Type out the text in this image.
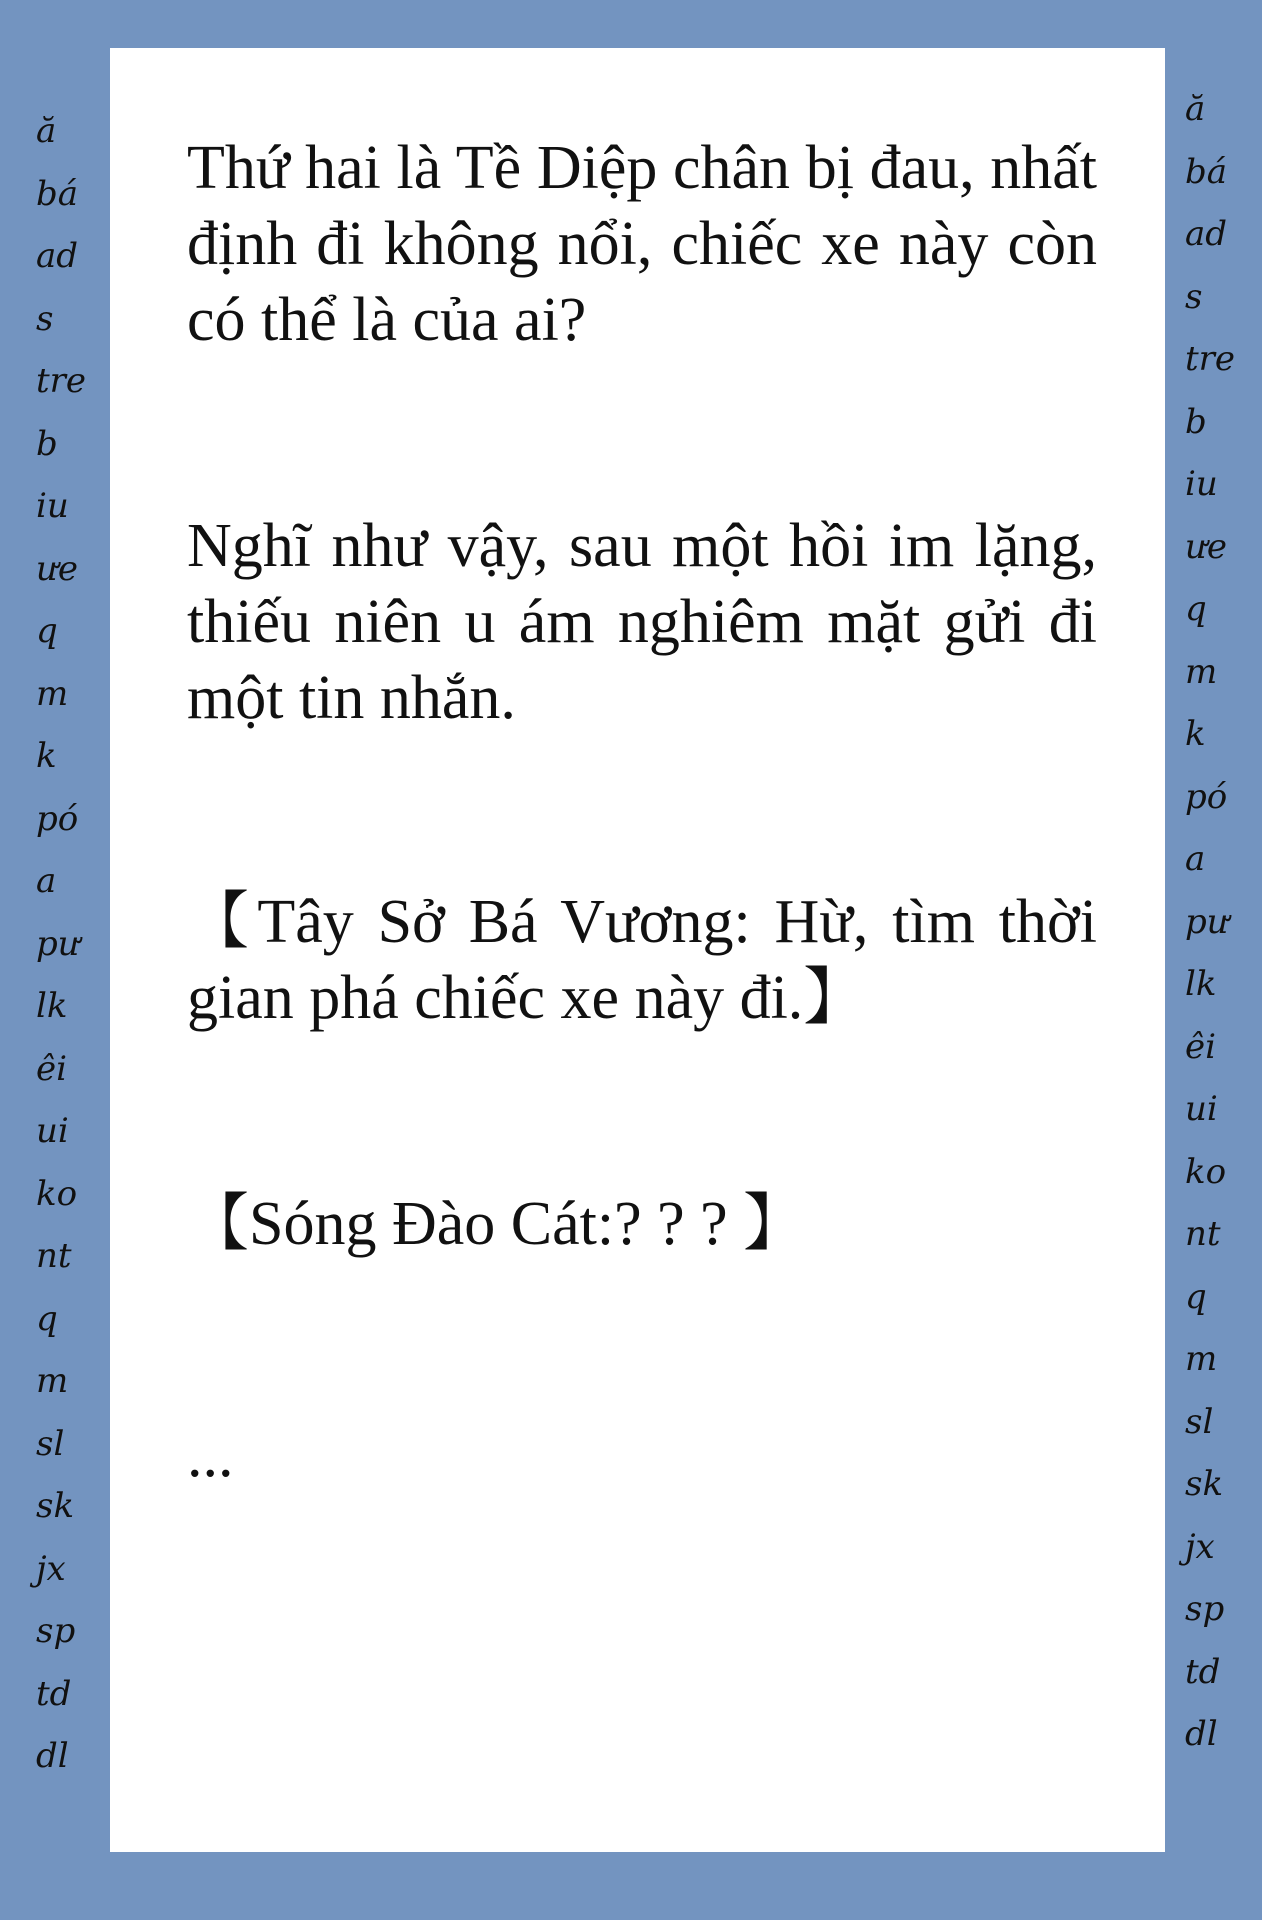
ă
bá
ad
s
tre
b
iu
ưe
q
m
k
pó
a
pư
lk
êi
ui
ko
nt
q
m
sl
sk
jx
sp
td
dl
ă
bá
ad
s
tre
b
iu
ưe
q
m
k
pó
a
pư
lk
êi
ui
ko
nt
q
m
sl
sk
jx
sp
td
dl
Thứ hai là Tề Diệp chân bị đau, nhất định đi không nổi, chiếc xe này còn có thể là của ai?
Nghĩ như vậy, sau một hồi im lặng, thiếu niên u ám nghiêm mặt gửi đi một tin nhắn.
【Tây Sở Bá Vương: Hừ, tìm thời gian phá chiếc xe này đi.】
【Sóng Đào Cát:? ? ? 】
...
